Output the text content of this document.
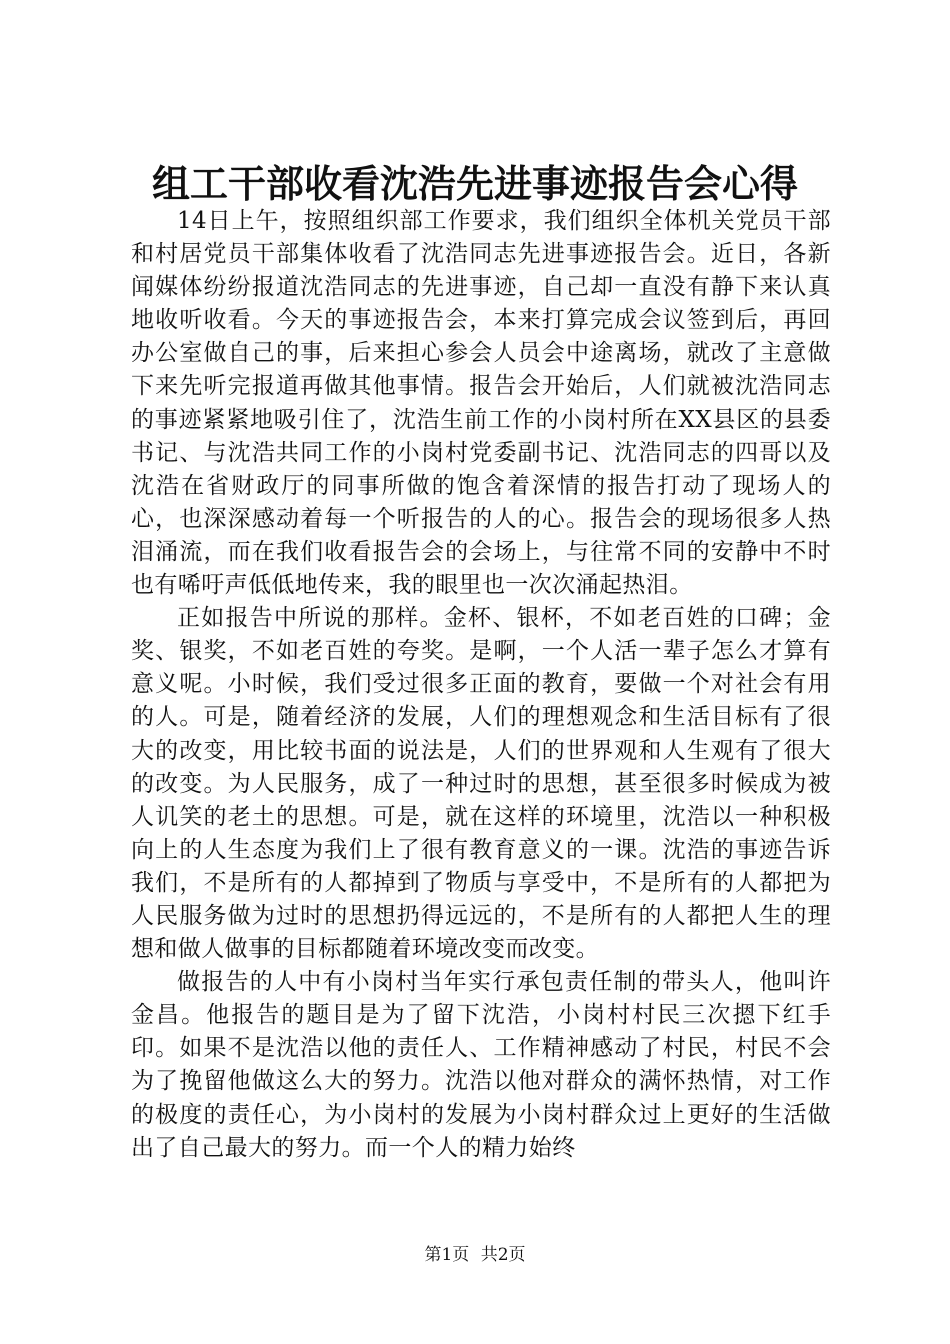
组工干部收看沈浩先进事迹报告会心得

14日上午，按照组织部工作要求，我们组织全体机关党员干部和村居党员干部集体收看了沈浩同志先进事迹报告会。近日，各新闻媒体纷纷报道沈浩同志的先进事迹，自己却一直没有静下来认真地收听收看。今天的事迹报告会，本来打算完成会议签到后，再回办公室做自己的事，后来担心参会人员会中途离场，就改了主意做下来先听完报道再做其他事情。报告会开始后，人们就被沈浩同志的事迹紧紧地吸引住了，沈浩生前工作的小岗村所在XX县区的县委书记、与沈浩共同工作的小岗村党委副书记、沈浩同志的四哥以及沈浩在省财政厅的同事所做的饱含着深情的报告打动了现场人的心，也深深感动着每一个听报告的人的心。报告会的现场很多人热泪涌流，而在我们收看报告会的会场上，与往常不同的安静中不时也有唏吁声低低地传来，我的眼里也一次次涌起热泪。

正如报告中所说的那样。金杯、银杯，不如老百姓的口碑；金奖、银奖，不如老百姓的夸奖。是啊，一个人活一辈子怎么才算有意义呢。小时候，我们受过很多正面的教育，要做一个对社会有用的人。可是，随着经济的发展，人们的理想观念和生活目标有了很大的改变，用比较书面的说法是，人们的世界观和人生观有了很大的改变。为人民服务，成了一种过时的思想，甚至很多时候成为被人讥笑的老土的思想。可是，就在这样的环境里，沈浩以一种积极向上的人生态度为我们上了很有教育意义的一课。沈浩的事迹告诉我们，不是所有的人都掉到了物质与享受中，不是所有的人都把为人民服务做为过时的思想扔得远远的，不是所有的人都把人生的理想和做人做事的目标都随着环境改变而改变。

做报告的人中有小岗村当年实行承包责任制的带头人，他叫许金昌。他报告的题目是为了留下沈浩，小岗村村民三次摁下红手印。如果不是沈浩以他的责任人、工作精神感动了村民，村民不会为了挽留他做这么大的努力。沈浩以他对群众的满怀热情，对工作的极度的责任心，为小岗村的发展为小岗村群众过上更好的生活做出了自己最大的努力。而一个人的精力始终

第1页 共2页
